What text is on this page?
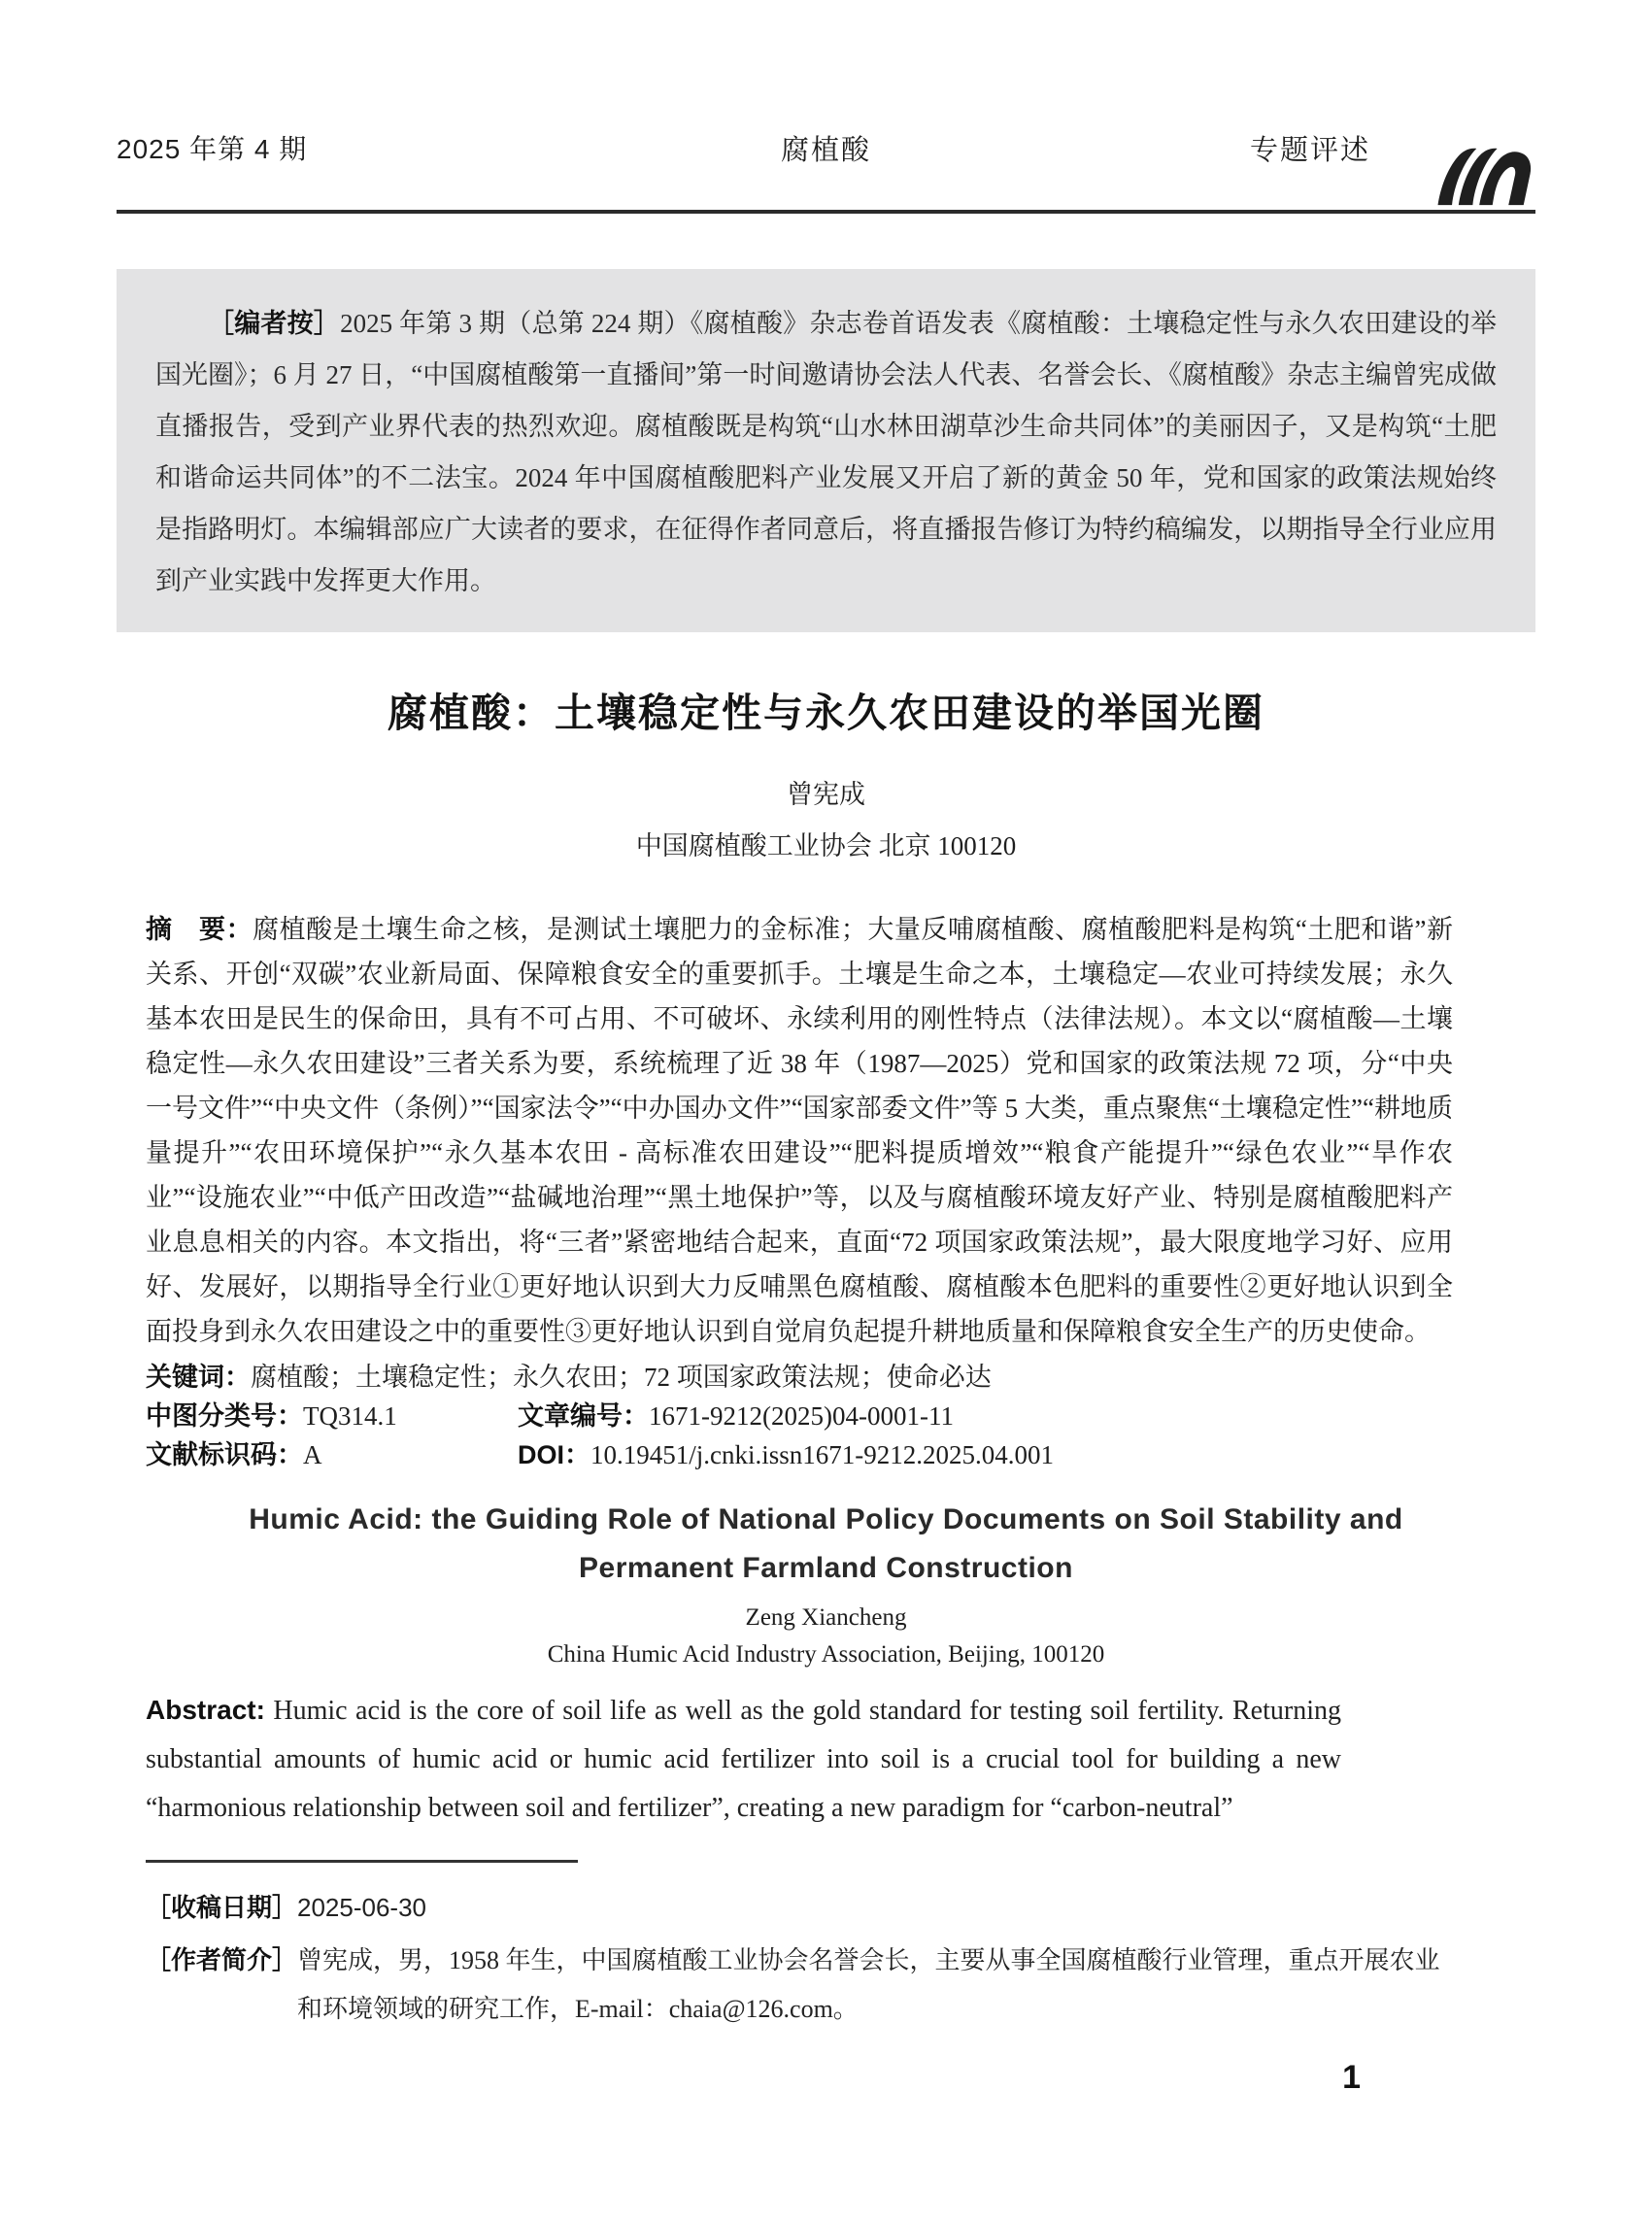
2025 年第 4 期	腐植酸	专题评述

［编者按］2025 年第 3 期（总第 224 期）《腐植酸》杂志卷首语发表《腐植酸：土壤稳定性与永久农田建设的举国光圈》；6 月 27 日，“中国腐植酸第一直播间”第一时间邀请协会法人代表、名誉会长、《腐植酸》杂志主编曾宪成做直播报告，受到产业界代表的热烈欢迎。腐植酸既是构筑“山水林田湖草沙生命共同体”的美丽因子，又是构筑“土肥和谐命运共同体”的不二法宝。2024 年中国腐植酸肥料产业发展又开启了新的黄金 50 年，党和国家的政策法规始终是指路明灯。本编辑部应广大读者的要求，在征得作者同意后，将直播报告修订为特约稿编发，以期指导全行业应用到产业实践中发挥更大作用。

腐植酸：土壤稳定性与永久农田建设的举国光圈
曾宪成
中国腐植酸工业协会 北京 100120

摘　要：腐植酸是土壤生命之核，是测试土壤肥力的金标准；大量反哺腐植酸、腐植酸肥料是构筑“土肥和谐”新关系、开创“双碳”农业新局面、保障粮食安全的重要抓手。土壤是生命之本，土壤稳定—农业可持续发展；永久基本农田是民生的保命田，具有不可占用、不可破坏、永续利用的刚性特点（法律法规）。本文以“腐植酸—土壤稳定性—永久农田建设”三者关系为要，系统梳理了近 38 年（1987—2025）党和国家的政策法规 72 项，分“中央一号文件”“中央文件（条例）”“国家法令”“中办国办文件”“国家部委文件”等 5 大类，重点聚焦“土壤稳定性”“耕地质量提升”“农田环境保护”“永久基本农田 - 高标准农田建设”“肥料提质增效”“粮食产能提升”“绿色农业”“旱作农业”“设施农业”“中低产田改造”“盐碱地治理”“黑土地保护”等，以及与腐植酸环境友好产业、特别是腐植酸肥料产业息息相关的内容。本文指出，将“三者”紧密地结合起来，直面“72 项国家政策法规”，最大限度地学习好、应用好、发展好，以期指导全行业①更好地认识到大力反哺黑色腐植酸、腐植酸本色肥料的重要性②更好地认识到全面投身到永久农田建设之中的重要性③更好地认识到自觉肩负起提升耕地质量和保障粮食安全生产的历史使命。

关键词：腐植酸；土壤稳定性；永久农田；72 项国家政策法规；使命必达
中图分类号：TQ314.1	文章编号：1671-9212(2025)04-0001-11
文献标识码：A	DOI：10.19451/j.cnki.issn1671-9212.2025.04.001
Humic Acid: the Guiding Role of National Policy Documents on Soil Stability and
Permanent Farmland Construction
Zeng Xiancheng
China Humic Acid Industry Association, Beijing, 100120

Abstract: Humic acid is the core of soil life as well as the gold standard for testing soil fertility. Returning substantial amounts of humic acid or humic acid fertilizer into soil is a crucial tool for building a new “harmonious relationship between soil and fertilizer”, creating a new paradigm for “carbon-neutral”

［收稿日期］2025-06-30
［作者简介］曾宪成，男，1958 年生，中国腐植酸工业协会名誉会长，主要从事全国腐植酸行业管理，重点开展农业和环境领域的研究工作，E-mail：chaia@126.com。
1
